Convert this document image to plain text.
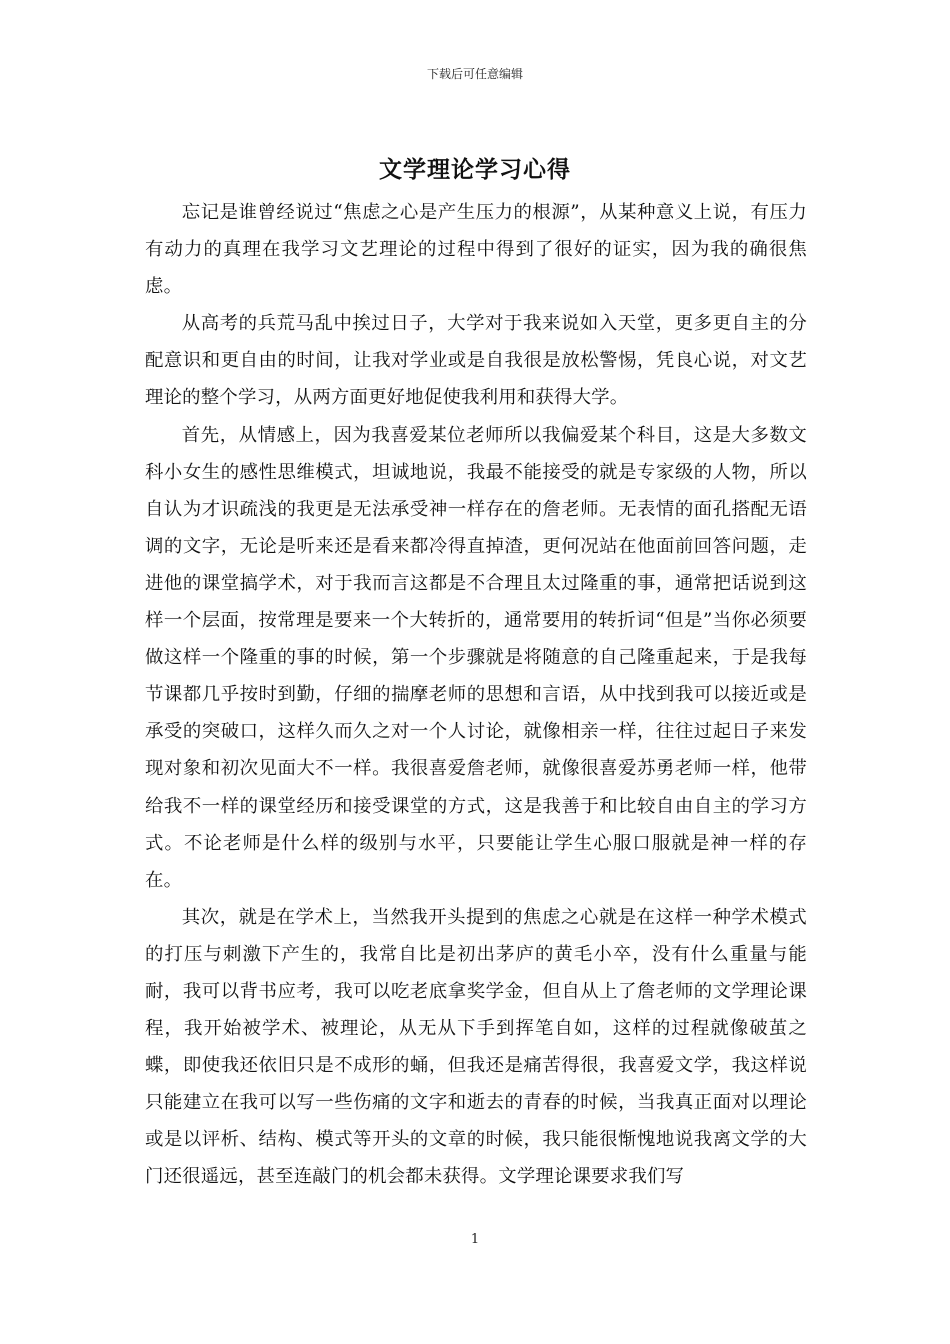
下载后可任意编辑
文学理论学习心得

忘记是谁曾经说过“焦虑之心是产生压力的根源”，从某种意义上说，有压力有动力的真理在我学习文艺理论的过程中得到了很好的证实，因为我的确很焦虑。

从高考的兵荒马乱中挨过日子，大学对于我来说如入天堂，更多更自主的分配意识和更自由的时间，让我对学业或是自我很是放松警惕，凭良心说，对文艺理论的整个学习，从两方面更好地促使我利用和获得大学。

首先，从情感上，因为我喜爱某位老师所以我偏爱某个科目，这是大多数文科小女生的感性思维模式，坦诚地说，我最不能接受的就是专家级的人物，所以自认为才识疏浅的我更是无法承受神一样存在的詹老师。无表情的面孔搭配无语调的文字，无论是听来还是看来都冷得直掉渣，更何况站在他面前回答问题，走进他的课堂搞学术，对于我而言这都是不合理且太过隆重的事，通常把话说到这样一个层面，按常理是要来一个大转折的，通常要用的转折词“但是”当你必须要做这样一个隆重的事的时候，第一个步骤就是将随意的自己隆重起来，于是我每节课都几乎按时到勤，仔细的揣摩老师的思想和言语，从中找到我可以接近或是承受的突破口，这样久而久之对一个人讨论，就像相亲一样，往往过起日子来发现对象和初次见面大不一样。我很喜爱詹老师，就像很喜爱苏勇老师一样，他带给我不一样的课堂经历和接受课堂的方式，这是我善于和比较自由自主的学习方式。不论老师是什么样的级别与水平，只要能让学生心服口服就是神一样的存在。

其次，就是在学术上，当然我开头提到的焦虑之心就是在这样一种学术模式的打压与刺激下产生的，我常自比是初出茅庐的黄毛小卒，没有什么重量与能耐，我可以背书应考，我可以吃老底拿奖学金，但自从上了詹老师的文学理论课程，我开始被学术、被理论，从无从下手到挥笔自如，这样的过程就像破茧之蝶，即使我还依旧只是不成形的蛹，但我还是痛苦得很，我喜爱文学，我这样说只能建立在我可以写一些伤痛的文字和逝去的青春的时候，当我真正面对以理论或是以评析、结构、模式等开头的文章的时候，我只能很惭愧地说我离文学的大门还很遥远，甚至连敲门的机会都未获得。文学理论课要求我们写

1
